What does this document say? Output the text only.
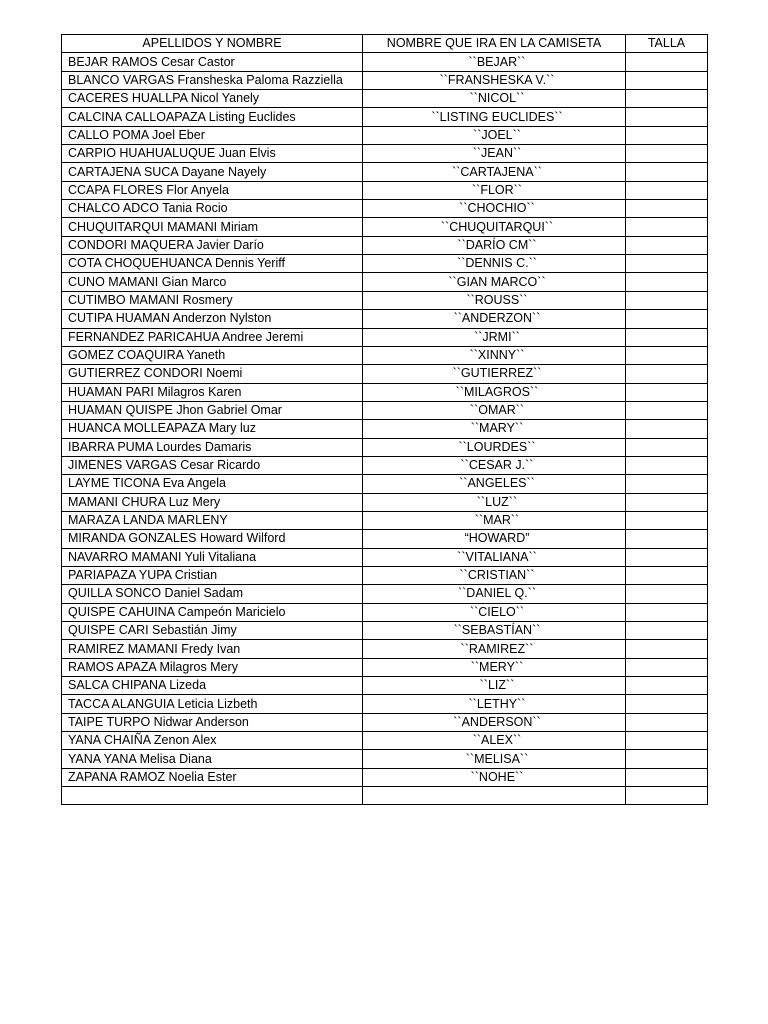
APELLIDOS Y NOMBRE	NOMBRE QUE IRA EN LA CAMISETA	TALLA
BEJAR RAMOS Cesar Castor	``BEJAR``	
BLANCO VARGAS Fransheska Paloma Razziella	``FRANSHESKA V.``	
CACERES HUALLPA Nicol Yanely	``NICOL``	
CALCINA CALLOAPAZA Listing Euclides	``LISTING EUCLIDES``	
CALLO POMA Joel Eber	``JOEL``	
CARPIO HUAHUALUQUE Juan Elvis	``JEAN``	
CARTAJENA SUCA Dayane Nayely	``CARTAJENA``	
CCAPA FLORES Flor Anyela	``FLOR``	
CHALCO ADCO Tania Rocio	``CHOCHIO``	
CHUQUITARQUI MAMANI Miriam	``CHUQUITARQUI``	
CONDORI MAQUERA Javier Darío	``DARÍO CM``	
COTA CHOQUEHUANCA Dennis Yeriff	``DENNIS C.``	
CUNO MAMANI Gian Marco	``GIAN MARCO``	
CUTIMBO MAMANI Rosmery	``ROUSS``	
CUTIPA HUAMAN Anderzon Nylston	``ANDERZON``	
FERNANDEZ PARICAHUA Andree Jeremi	``JRMI``	
GOMEZ COAQUIRA Yaneth	``XINNY``	
GUTIERREZ CONDORI Noemi	``GUTIERREZ``	
HUAMAN PARI Milagros Karen	``MILAGROS``	
HUAMAN QUISPE Jhon Gabriel Omar	``OMAR``	
HUANCA MOLLEAPAZA Mary luz	``MARY``	
IBARRA PUMA Lourdes Damaris	``LOURDES``	
JIMENES VARGAS Cesar Ricardo	``CESAR J.``	
LAYME TICONA Eva Angela	``ANGELES``	
MAMANI CHURA Luz Mery	``LUZ``	
MARAZA LANDA MARLENY	``MAR``	
MIRANDA GONZALES Howard Wilford	“HOWARD”	
NAVARRO MAMANI Yuli Vitaliana	``VITALIANA``	
PARIAPAZA YUPA Cristian	``CRISTIAN``	
QUILLA SONCO Daniel Sadam	``DANIEL Q.``	
QUISPE CAHUINA Campeón Maricielo	``CIELO``	
QUISPE CARI Sebastián Jimy	``SEBASTÍAN``	
RAMIREZ MAMANI Fredy Ivan	``RAMIREZ``	
RAMOS APAZA Milagros Mery	``MERY``	
SALCA CHIPANA Lizeda	``LIZ``	
TACCA ALANGUIA Leticia Lizbeth	``LETHY``	
TAIPE TURPO Nidwar Anderson	``ANDERSON``	
YANA CHAIÑA Zenon Alex	``ALEX``	
YANA YANA Melisa Diana	``MELISA``	
ZAPANA RAMOZ Noelia Ester	``NOHE``	
